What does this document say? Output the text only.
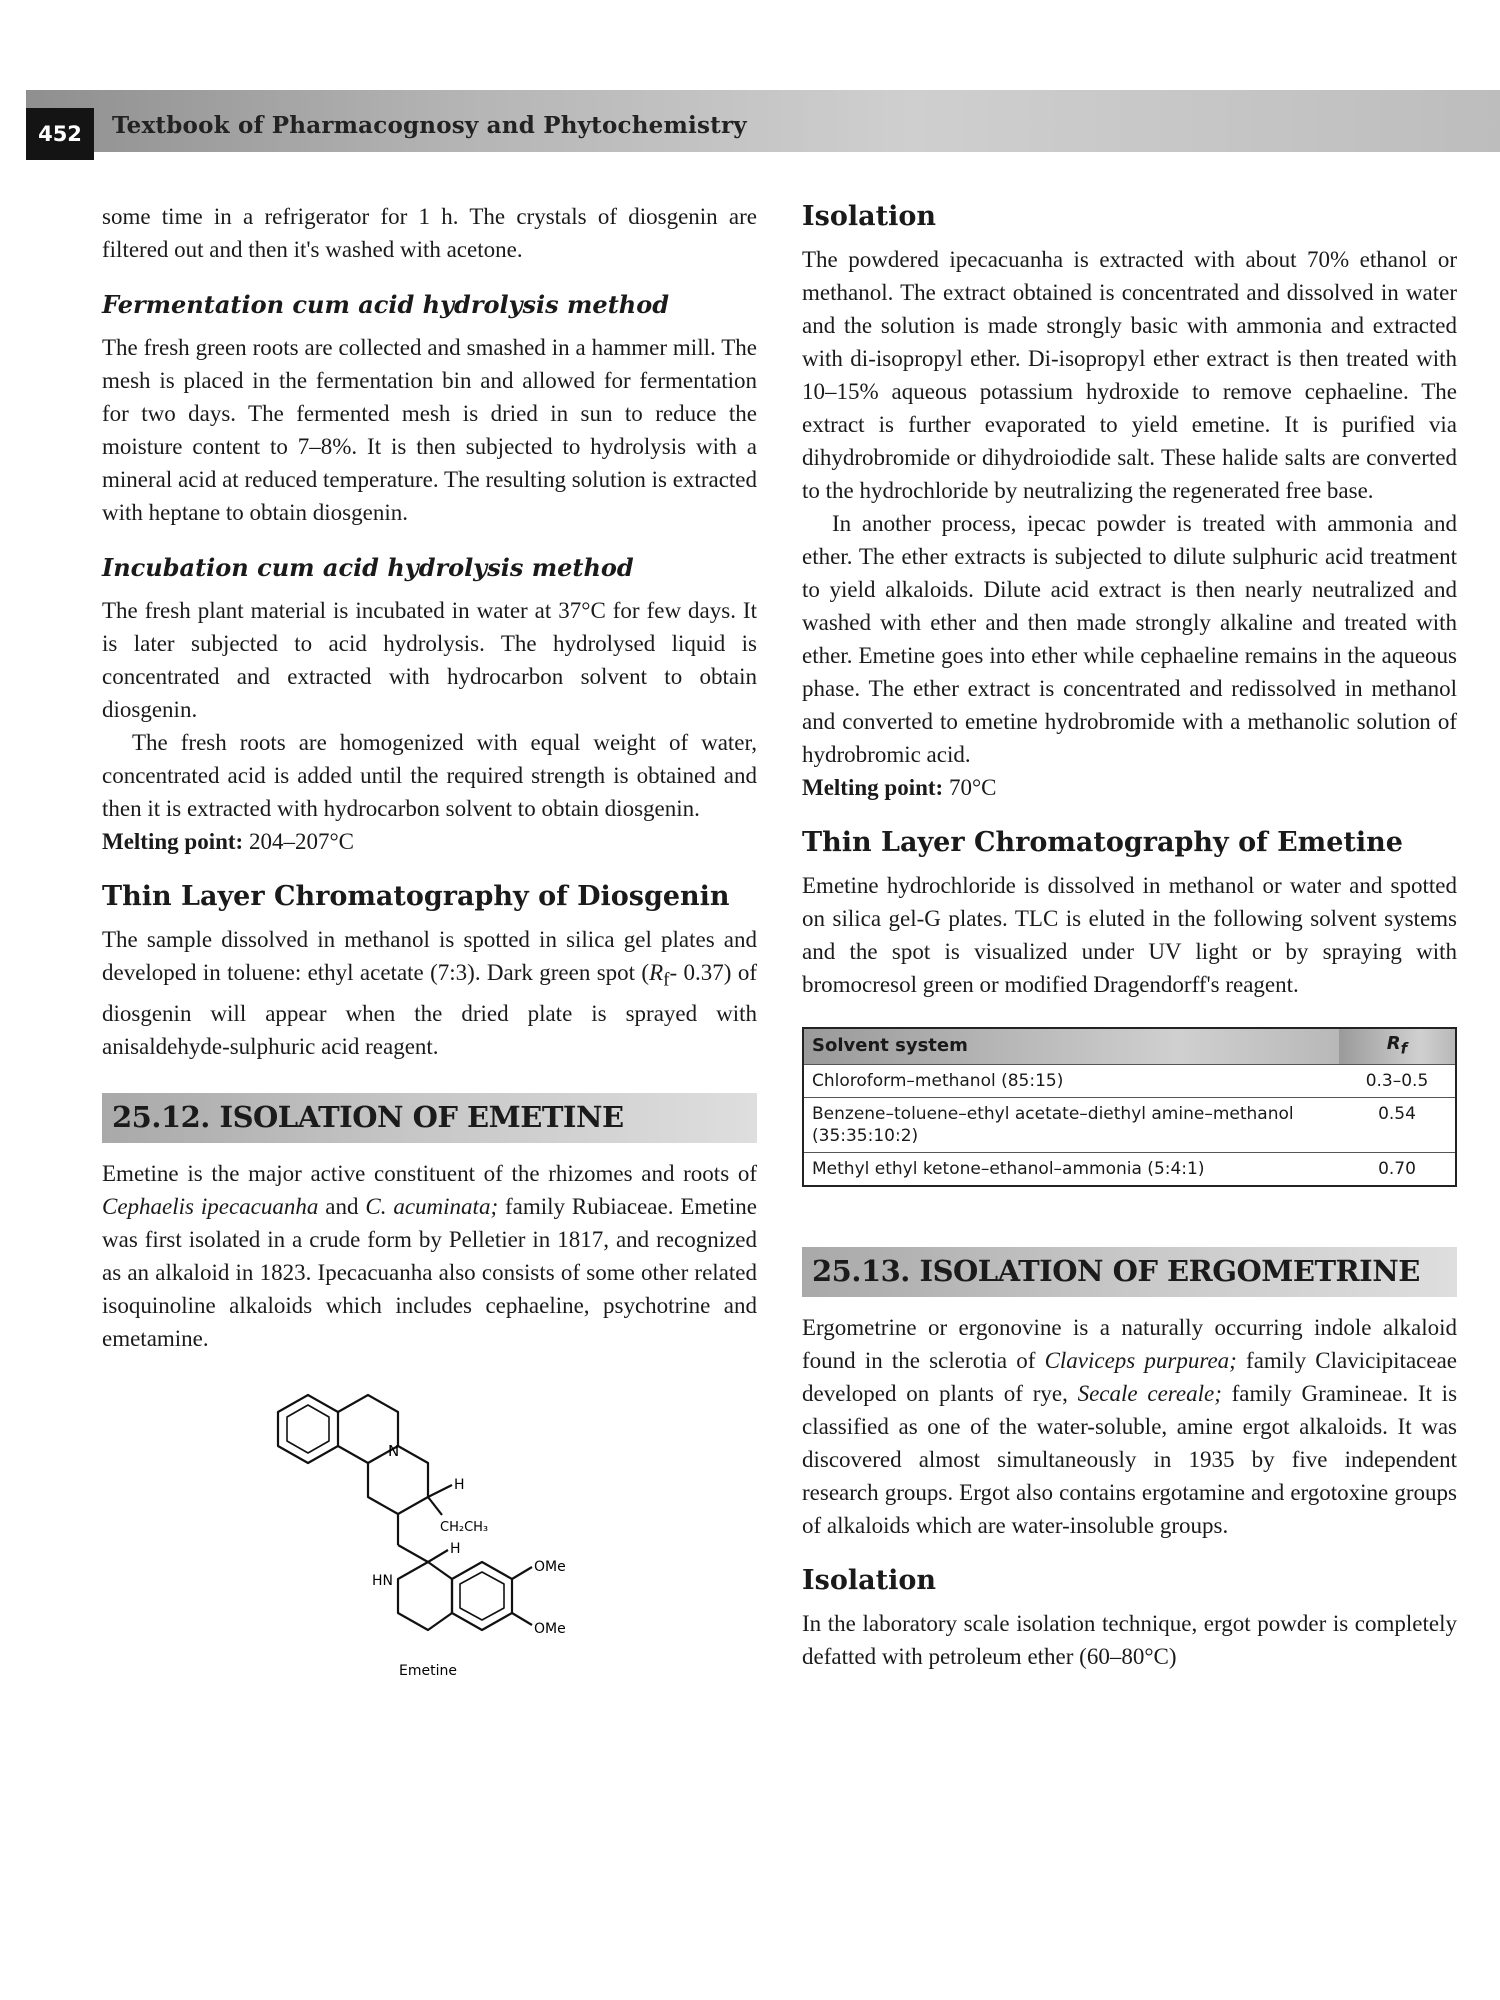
452	Textbook of Pharmacognosy and Phytochemistry

some time in a refrigerator for 1 h. The crystals of diosgenin are filtered out and then it's washed with acetone.

Fermentation cum acid hydrolysis method

The fresh green roots are collected and smashed in a hammer mill. The mesh is placed in the fermentation bin and allowed for fermentation for two days. The fermented mesh is dried in sun to reduce the moisture content to 7–8%. It is then subjected to hydrolysis with a mineral acid at reduced temperature. The resulting solution is extracted with heptane to obtain diosgenin.

Incubation cum acid hydrolysis method

The fresh plant material is incubated in water at 37°C for few days. It is later subjected to acid hydrolysis. The hydrolysed liquid is concentrated and extracted with hydrocarbon solvent to obtain diosgenin.

The fresh roots are homogenized with equal weight of water, concentrated acid is added until the required strength is obtained and then it is extracted with hydrocarbon solvent to obtain diosgenin.

Melting point: 204–207°C

Thin Layer Chromatography of Diosgenin

The sample dissolved in methanol is spotted in silica gel plates and developed in toluene: ethyl acetate (7:3). Dark green spot ($R_f-$ 0.37) of diosgenin will appear when the dried plate is sprayed with anisaldehyde-sulphuric acid reagent.

25.12. ISOLATION OF EMETINE

Emetine is the major active constituent of the rhizomes and roots of Cephaelis ipecacuanha and C. acuminata; family Rubiaceae. Emetine was first isolated in a crude form by Pelletier in 1817, and recognized as an alkaloid in 1823. Ipecacuanha also consists of some other related isoquinoline alkaloids which includes cephaeline, psychotrine and emetamine.

N
H
CH₂CH₃
H
HN
OMe
OMe
Emetine
Isolation

The powdered ipecacuanha is extracted with about 70% ethanol or methanol. The extract obtained is concentrated and dissolved in water and the solution is made strongly basic with ammonia and extracted with di-isopropyl ether. Di-isopropyl ether extract is then treated with 10–15% aqueous potassium hydroxide to remove cephaeline. The extract is further evaporated to yield emetine. It is purified via dihydrobromide or dihydroiodide salt. These halide salts are converted to the hydrochloride by neutralizing the regenerated free base.

In another process, ipecac powder is treated with ammonia and ether. The ether extracts is subjected to dilute sulphuric acid treatment to yield alkaloids. Dilute acid extract is then nearly neutralized and washed with ether and then made strongly alkaline and treated with ether. Emetine goes into ether while cephaeline remains in the aqueous phase. The ether extract is concentrated and redissolved in methanol and converted to emetine hydrobromide with a methanolic solution of hydrobromic acid.

Melting point: 70°C

Thin Layer Chromatography of Emetine

Emetine hydrochloride is dissolved in methanol or water and spotted on silica gel-G plates. TLC is eluted in the following solvent systems and the spot is visualized under UV light or by spraying with bromocresol green or modified Dragendorff's reagent.

Solvent system	$R_f$
Chloroform–methanol (85:15)	0.3–0.5
Benzene–toluene–ethyl acetate–diethyl amine–methanol (35:35:10:2)	0.54
Methyl ethyl ketone–ethanol–ammonia (5:4:1)	0.70
25.13. ISOLATION OF ERGOMETRINE

Ergometrine or ergonovine is a naturally occurring indole alkaloid found in the sclerotia of Claviceps purpurea; family Clavicipitaceae developed on plants of rye, Secale cereale; family Gramineae. It is classified as one of the water-soluble, amine ergot alkaloids. It was discovered almost simultaneously in 1935 by five independent research groups. Ergot also contains ergotamine and ergotoxine groups of alkaloids which are water-insoluble groups.

Isolation

In the laboratory scale isolation technique, ergot powder is completely defatted with petroleum ether (60–80°C)
